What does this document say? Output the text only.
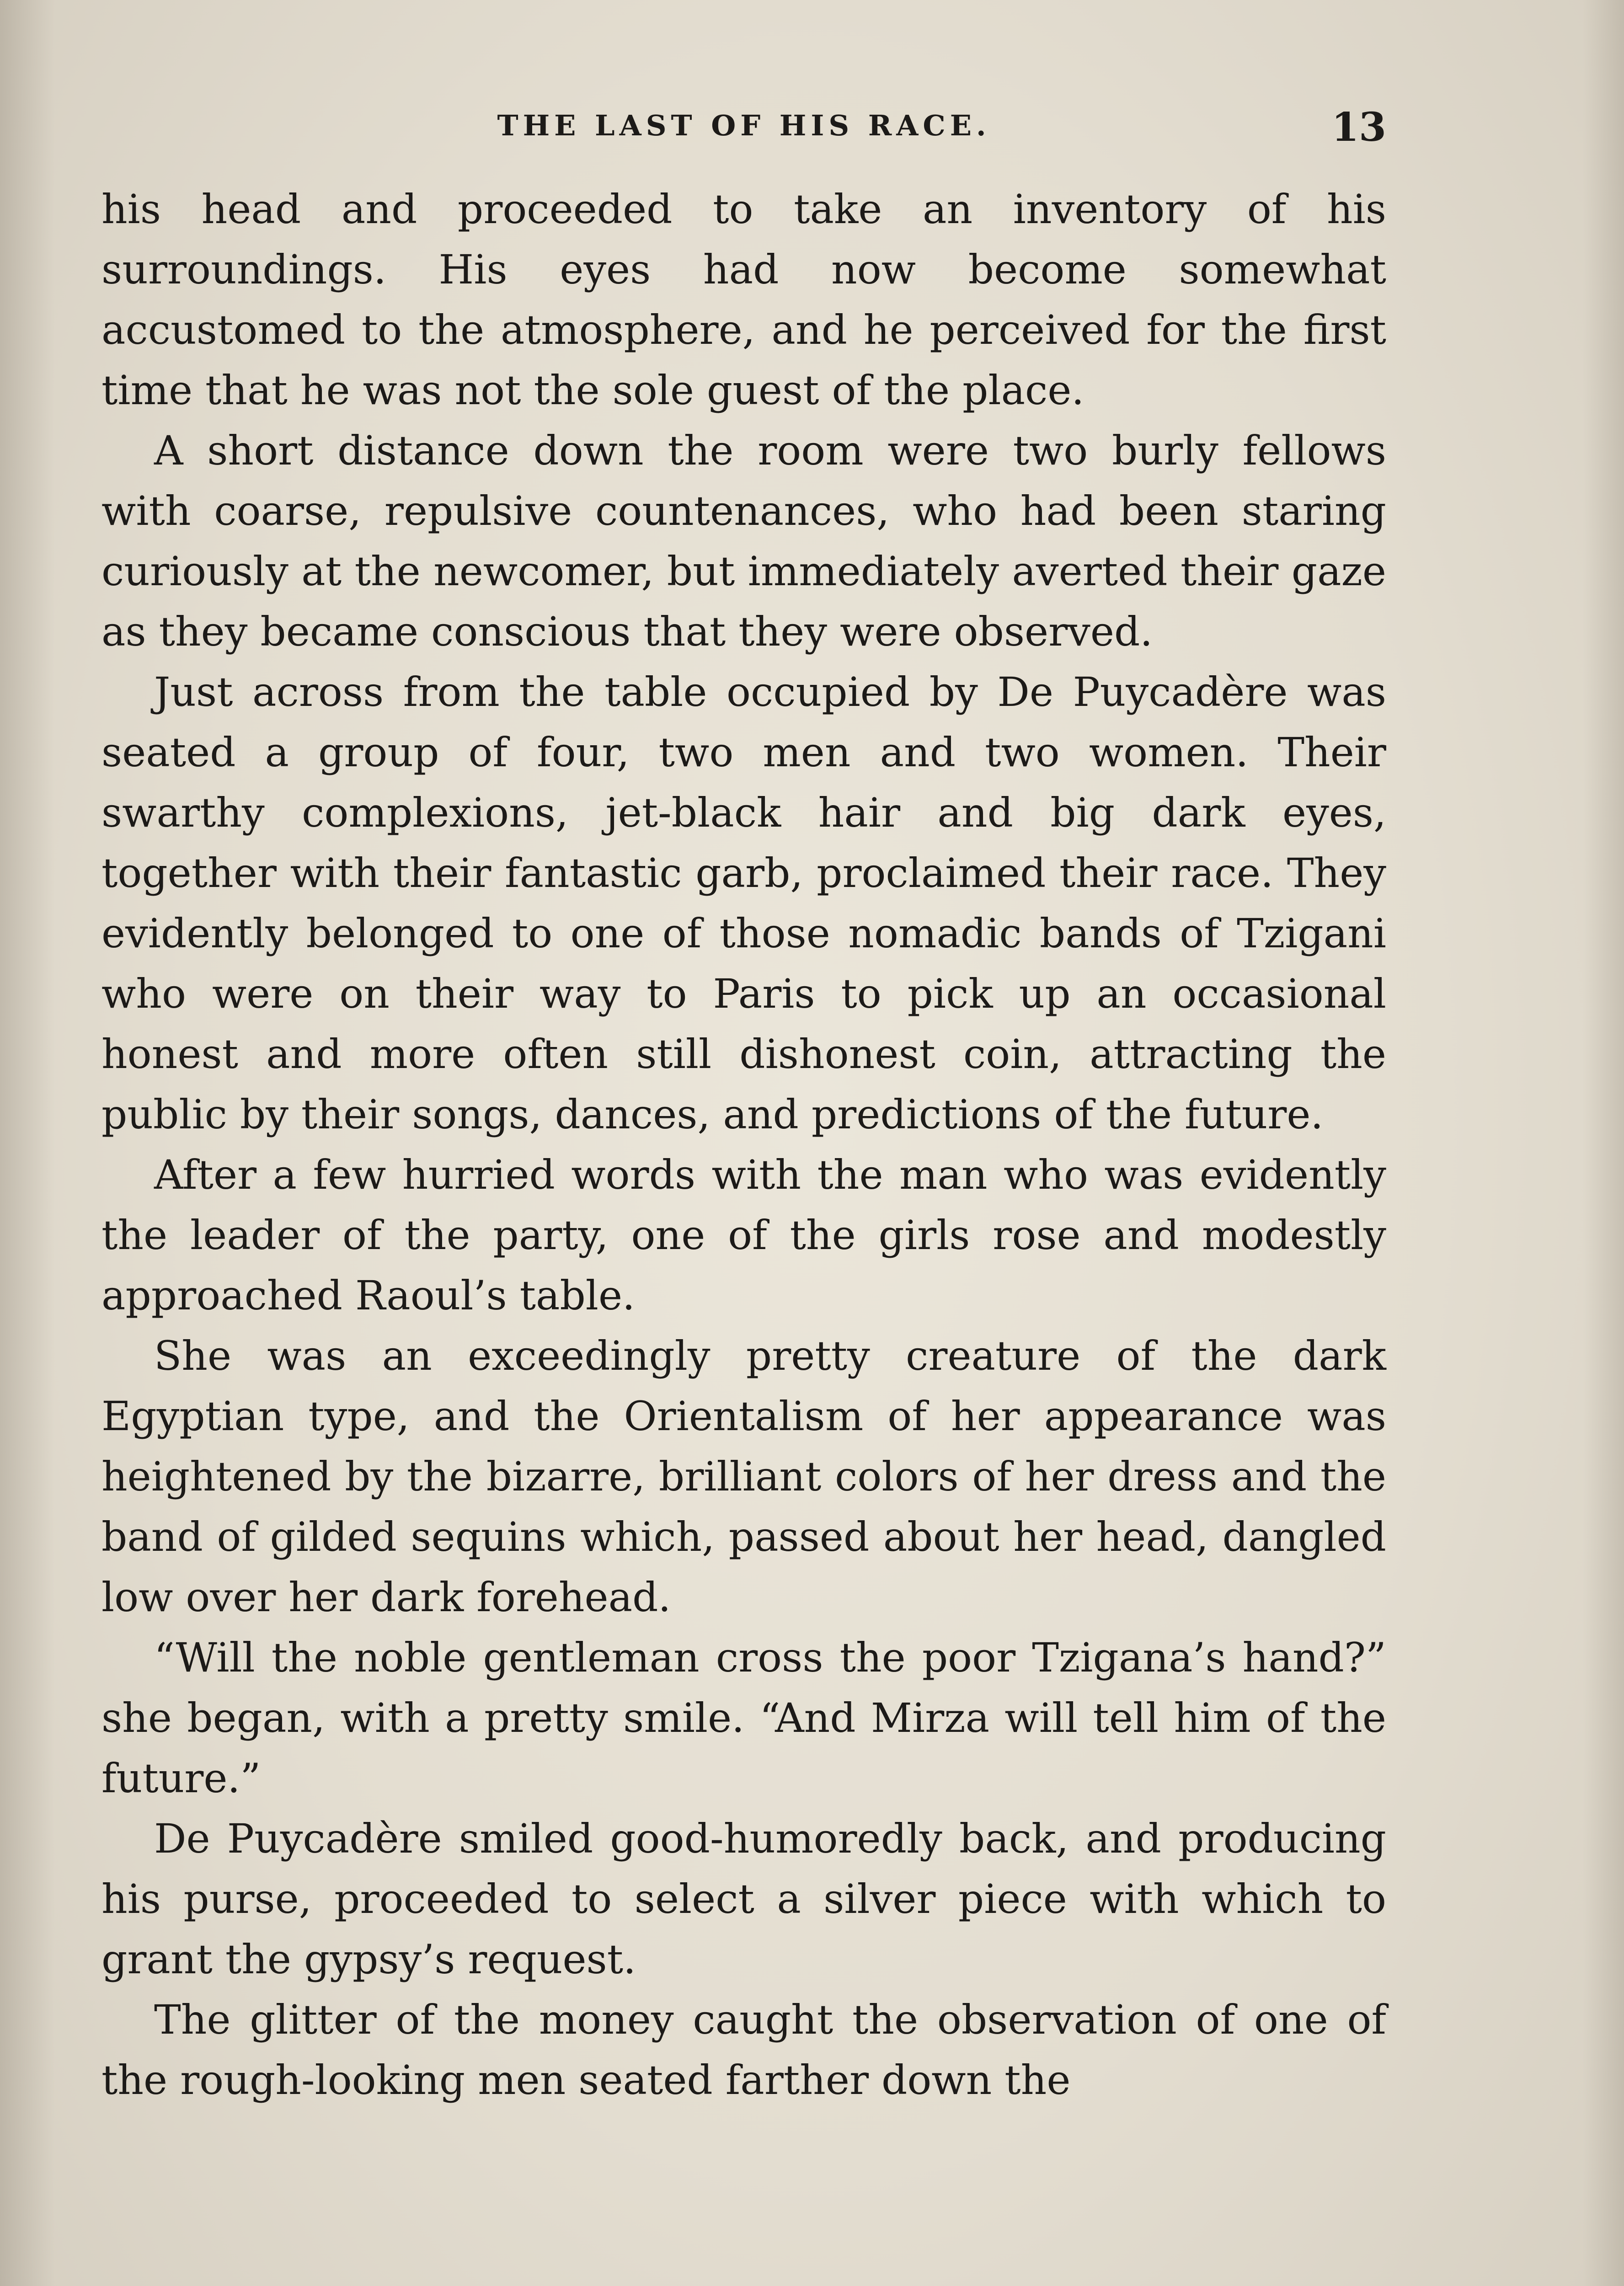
THE LAST OF HIS RACE.	13

his head and proceeded to take an inventory of his surroundings. His eyes had now become somewhat accustomed to the atmosphere, and he perceived for the first time that he was not the sole guest of the place.

A short distance down the room were two burly fellows with coarse, repulsive countenances, who had been staring curiously at the newcomer, but immediately averted their gaze as they became conscious that they were observed.

Just across from the table occupied by De Puycadère was seated a group of four, two men and two women. Their swarthy complexions, jet-black hair and big dark eyes, together with their fantastic garb, proclaimed their race. They evidently belonged to one of those nomadic bands of Tzigani who were on their way to Paris to pick up an occasional honest and more often still dishonest coin, attracting the public by their songs, dances, and predictions of the future.

After a few hurried words with the man who was evidently the leader of the party, one of the girls rose and modestly approached Raoul’s table.

She was an exceedingly pretty creature of the dark Egyptian type, and the Orientalism of her appearance was heightened by the bizarre, brilliant colors of her dress and the band of gilded sequins which, passed about her head, dangled low over her dark forehead.

“Will the noble gentleman cross the poor Tzigana’s hand?” she began, with a pretty smile. “And Mirza will tell him of the future.”

De Puycadère smiled good-humoredly back, and producing his purse, proceeded to select a silver piece with which to grant the gypsy’s request.

The glitter of the money caught the observation of one of the rough-looking men seated farther down the
